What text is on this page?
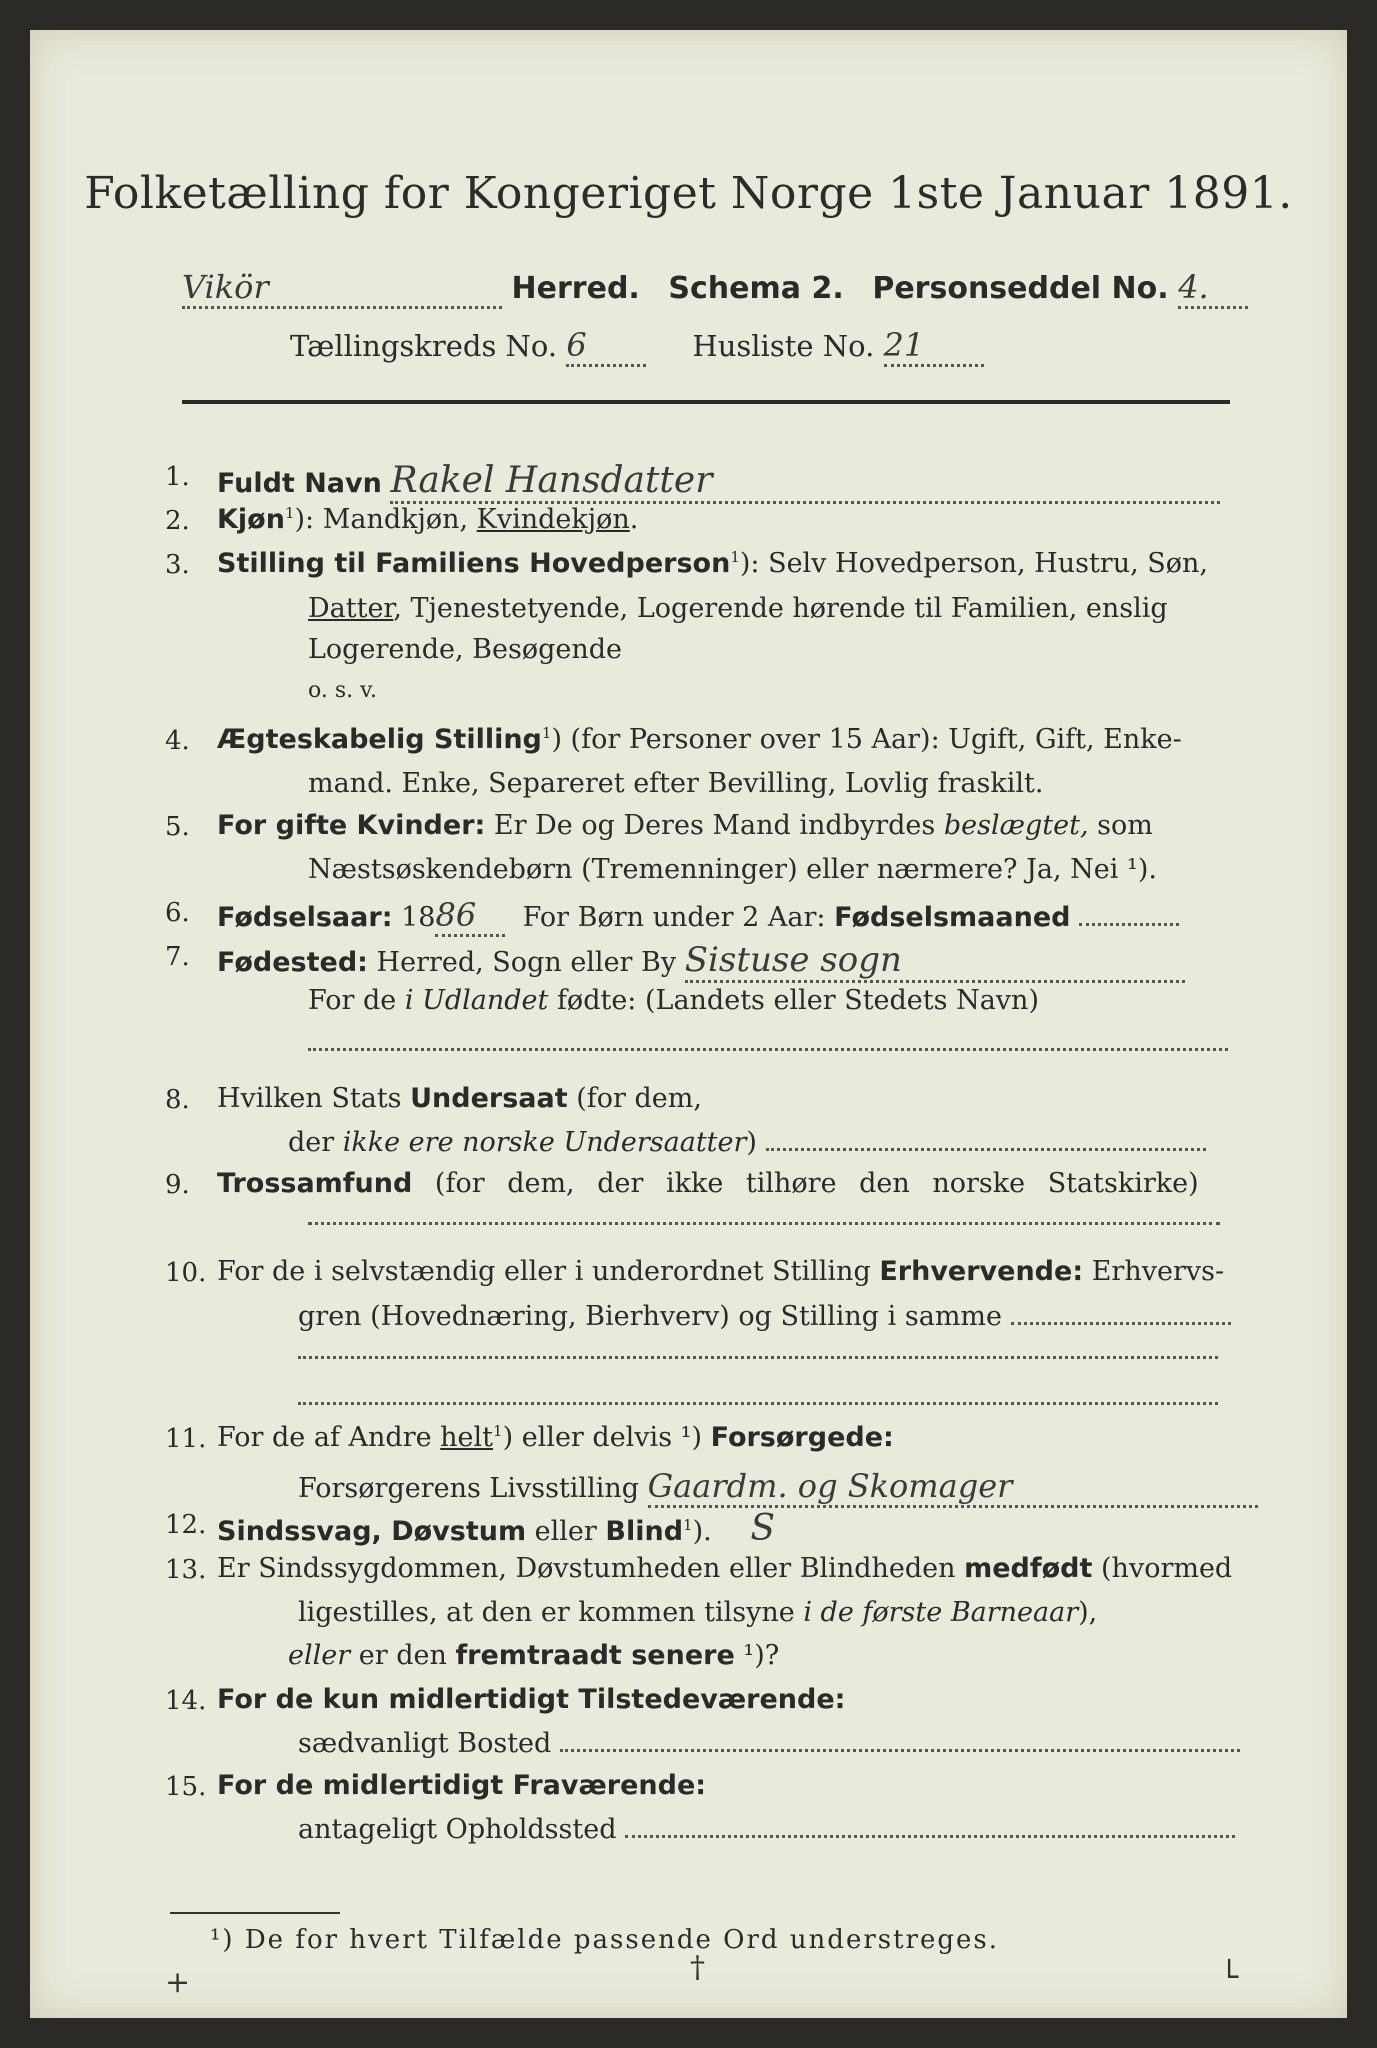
Folketælling for Kongeriget Norge 1ste Januar 1891.
Vikör	Herred. Schema 2. Personseddel No. 4.
Tællingskreds No. 6	Husliste No. 21
1. Fuldt Navn Rakel Hansdatter
2. Kjøn$^1$): Mandkjøn, Kvindekjøn.
3. Stilling til Familiens Hovedperson$^1$): Selv Hovedperson, Hustru, Søn,
Datter, Tjenestetyende, Logerende hørende til Familien, enslig
Logerende, Besøgende
o. s. v.
4. Ægteskabelig Stilling$^1$) (for Personer over 15 Aar): Ugift, Gift, Enke-
mand. Enke, Separeret efter Bevilling, Lovlig fraskilt.
5. For gifte Kvinder: Er De og Deres Mand indbyrdes beslægtet, som
Næstsøskendebørn (Tremenninger) eller nærmere? Ja, Nei ¹).
6. Fødselsaar: 1886 For Børn under 2 Aar: Fødselsmaaned
7. Fødested: Herred, Sogn eller By Sistuse sogn
For de i Udlandet fødte: (Landets eller Stedets Navn)
8. Hvilken Stats Undersaat (for dem,
der ikke ere norske Undersaatter)
9. Trossamfund (for dem, der ikke tilhøre den norske Statskirke)
10. For de i selvstændig eller i underordnet Stilling Erhvervende: Erhvervs-
gren (Hovednæring, Bierhverv) og Stilling i samme
11. For de af Andre helt$^1$) eller delvis ¹) Forsørgede:
Forsørgerens Livsstilling Gaardm. og Skomager
12. Sindssvag, Døvstum eller Blind$^1$). S
13. Er Sindssygdommen, Døvstumheden eller Blindheden medfødt (hvormed
ligestilles, at den er kommen tilsyne i de første Barneaar),
eller er den fremtraadt senere ¹)?
14. For de kun midlertidigt Tilstedeværende:
sædvanligt Bosted
15. For de midlertidigt Fraværende:
antageligt Opholdssted
¹) De for hvert Tilfælde passende Ord understreges.
+	†	└
